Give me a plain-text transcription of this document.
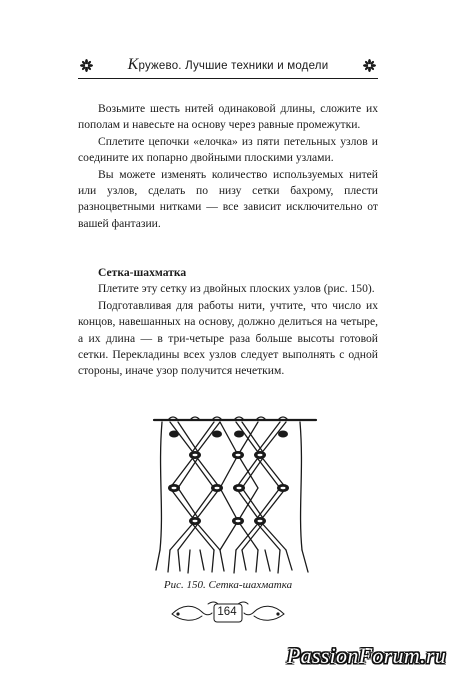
Кружево. Лучшие техники и модели

Возьмите шесть нитей одинаковой длины, сложите их пополам и навесьте на основу через равные промежутки.

Сплетите цепочки «елочка» из пяти петельных узлов и соедините их попарно двойными плоскими узлами.

Вы можете изменять количество используемых нитей или узлов, сделать по низу сетки бахрому, плести разноцветными нитками — все зависит исключительно от вашей фантазии.

Сетка-шахматка

Плетите эту сетку из двойных плоских узлов (рис. 150).

Подготавливая для работы нити, учтите, что число их концов, навешанных на основу, должно делиться на четыре, а их длина — в три-четыре раза больше высоты готовой сетки. Перекладины всех узлов следует выполнять с одной стороны, иначе узор получится нечетким.

Рис. 150. Сетка-шахматка
164
PassionForum.ru
